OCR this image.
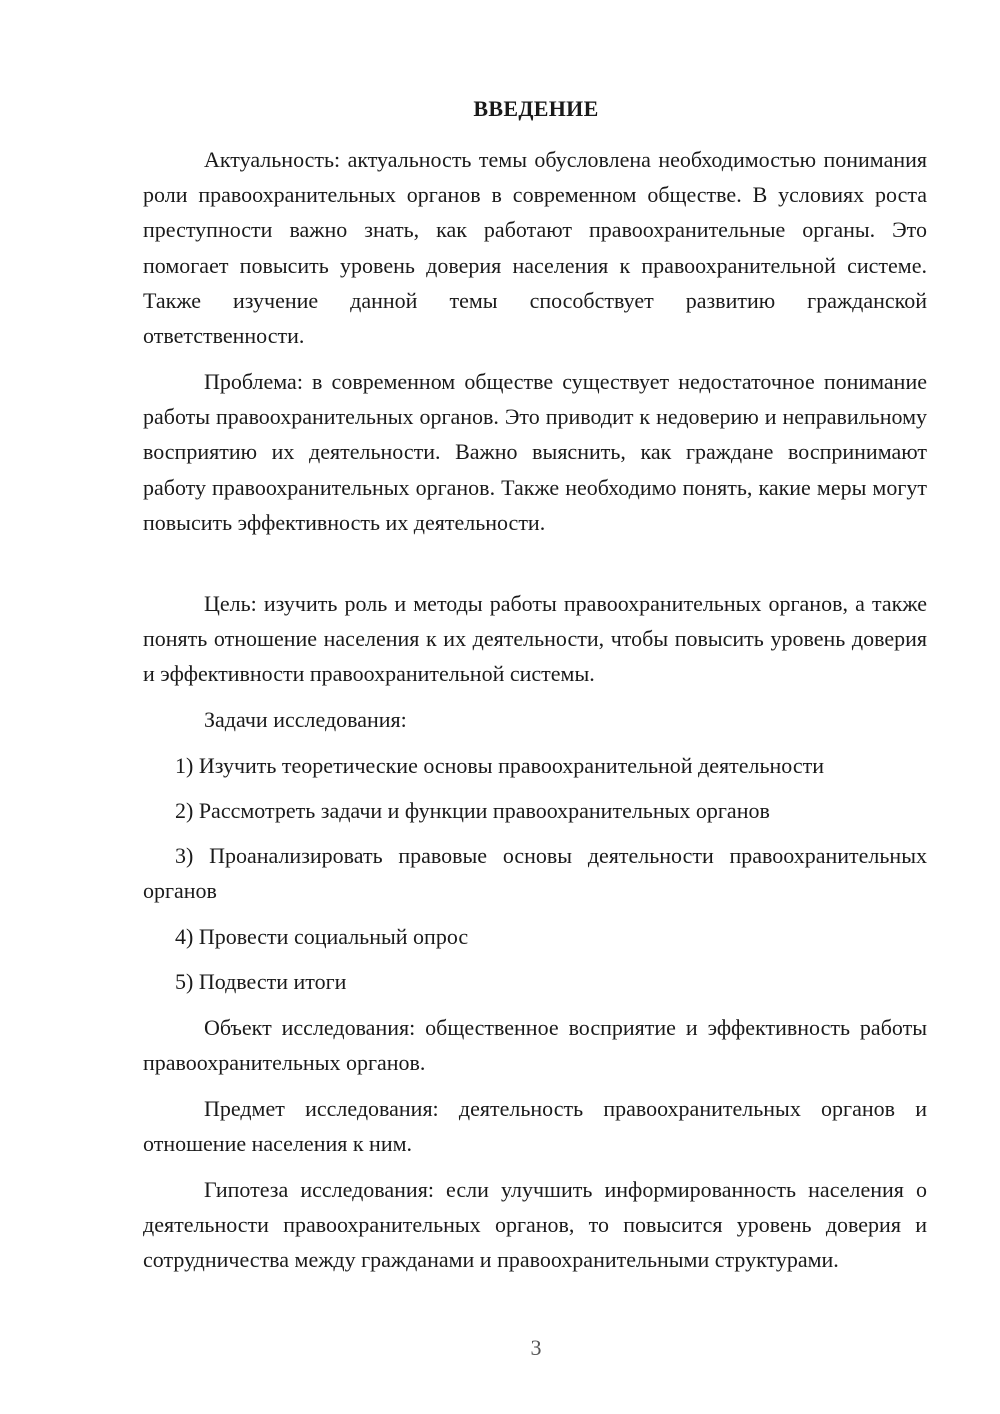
ВВЕДЕНИЕ

Актуальность: актуальность темы обусловлена необходимостью понимания роли правоохранительных органов в современном обществе. В условиях роста преступности важно знать, как работают правоохранительные органы. Это помогает повысить уровень доверия населения к правоохранительной системе. Также изучение данной темы способствует развитию гражданской ответственности.

Проблема: в современном обществе существует недостаточное понимание работы правоохранительных органов. Это приводит к недоверию и неправильному восприятию их деятельности. Важно выяснить, как граждане воспринимают работу правоохранительных органов. Также необходимо понять, какие меры могут повысить эффективность их деятельности.

Цель: изучить роль и методы работы правоохранительных органов, а также понять отношение населения к их деятельности, чтобы повысить уровень доверия и эффективности правоохранительной системы.

Задачи исследования:

1) Изучить теоретические основы правоохранительной деятельности

2) Рассмотреть задачи и функции правоохранительных органов

3) Проанализировать правовые основы деятельности правоохранительных органов

4) Провести социальный опрос

5) Подвести итоги

Объект исследования: общественное восприятие и эффективность работы правоохранительных органов.

Предмет исследования: деятельность правоохранительных органов и отношение населения к ним.

Гипотеза исследования: если улучшить информированность населения о деятельности правоохранительных органов, то повысится уровень доверия и сотрудничества между гражданами и правоохранительными структурами.

3
